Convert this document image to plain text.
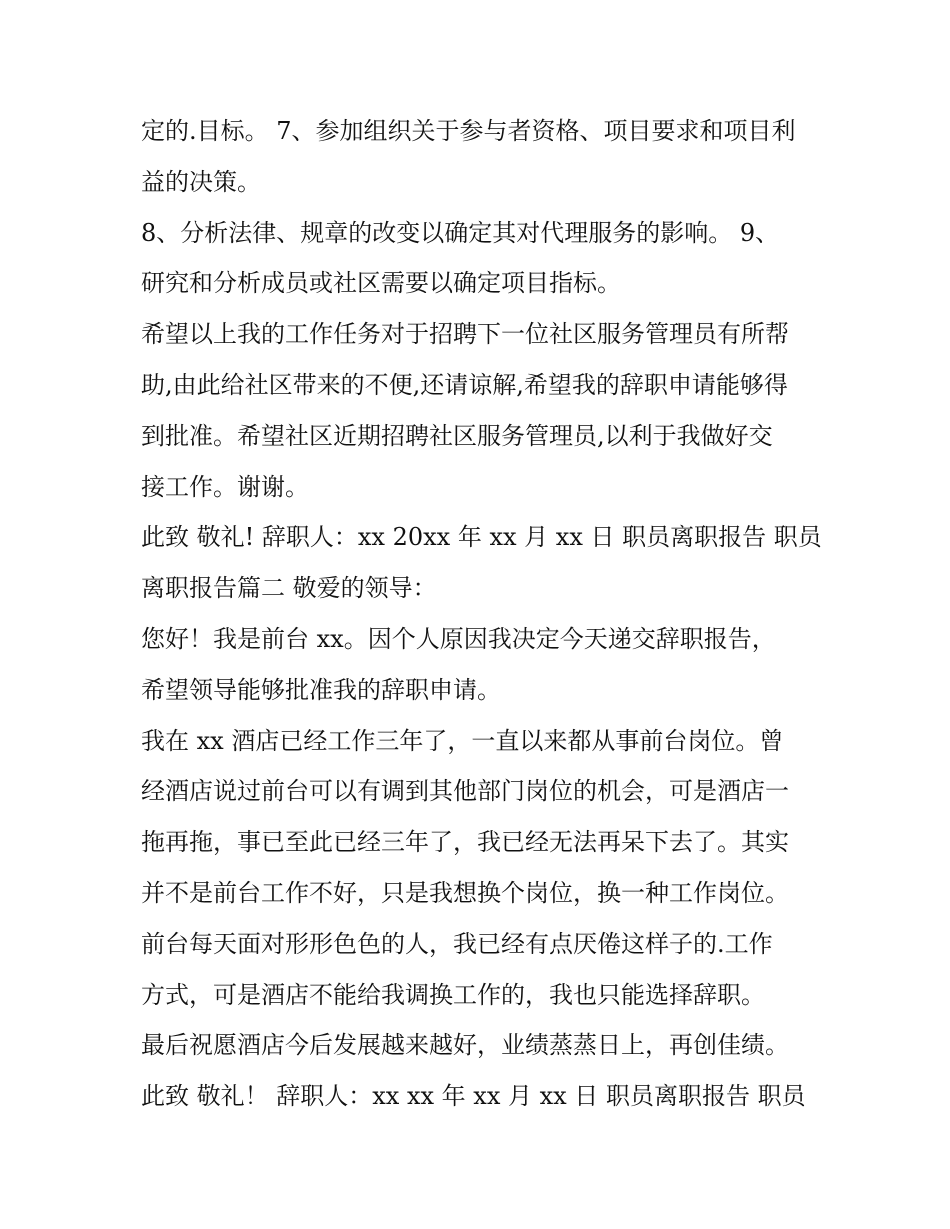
定的.目标。 7、参加组织关于参与者资格、项目要求和项目利
益的决策。
8、分析法律、规章的改变以确定其对代理服务的影响。 9、
研究和分析成员或社区需要以确定项目指标。
希望以上我的工作任务对于招聘下一位社区服务管理员有所帮
助,由此给社区带来的不便,还请谅解,希望我的辞职申请能够得
到批准。希望社区近期招聘社区服务管理员,以利于我做好交
接工作。谢谢。
此致 敬礼! 辞职人：xx 20xx 年 xx 月 xx 日 职员离职报告 职员
离职报告篇二 敬爱的领导：
您好！我是前台 xx。因个人原因我决定今天递交辞职报告，
希望领导能够批准我的辞职申请。
我在 xx 酒店已经工作三年了，一直以来都从事前台岗位。曾
经酒店说过前台可以有调到其他部门岗位的机会，可是酒店一
拖再拖，事已至此已经三年了，我已经无法再呆下去了。其实
并不是前台工作不好，只是我想换个岗位，换一种工作岗位。
前台每天面对形形色色的人，我已经有点厌倦这样子的.工作
方式，可是酒店不能给我调换工作的，我也只能选择辞职。
最后祝愿酒店今后发展越来越好，业绩蒸蒸日上，再创佳绩。
此致 敬礼！ 辞职人：xx xx 年 xx 月 xx 日 职员离职报告 职员
